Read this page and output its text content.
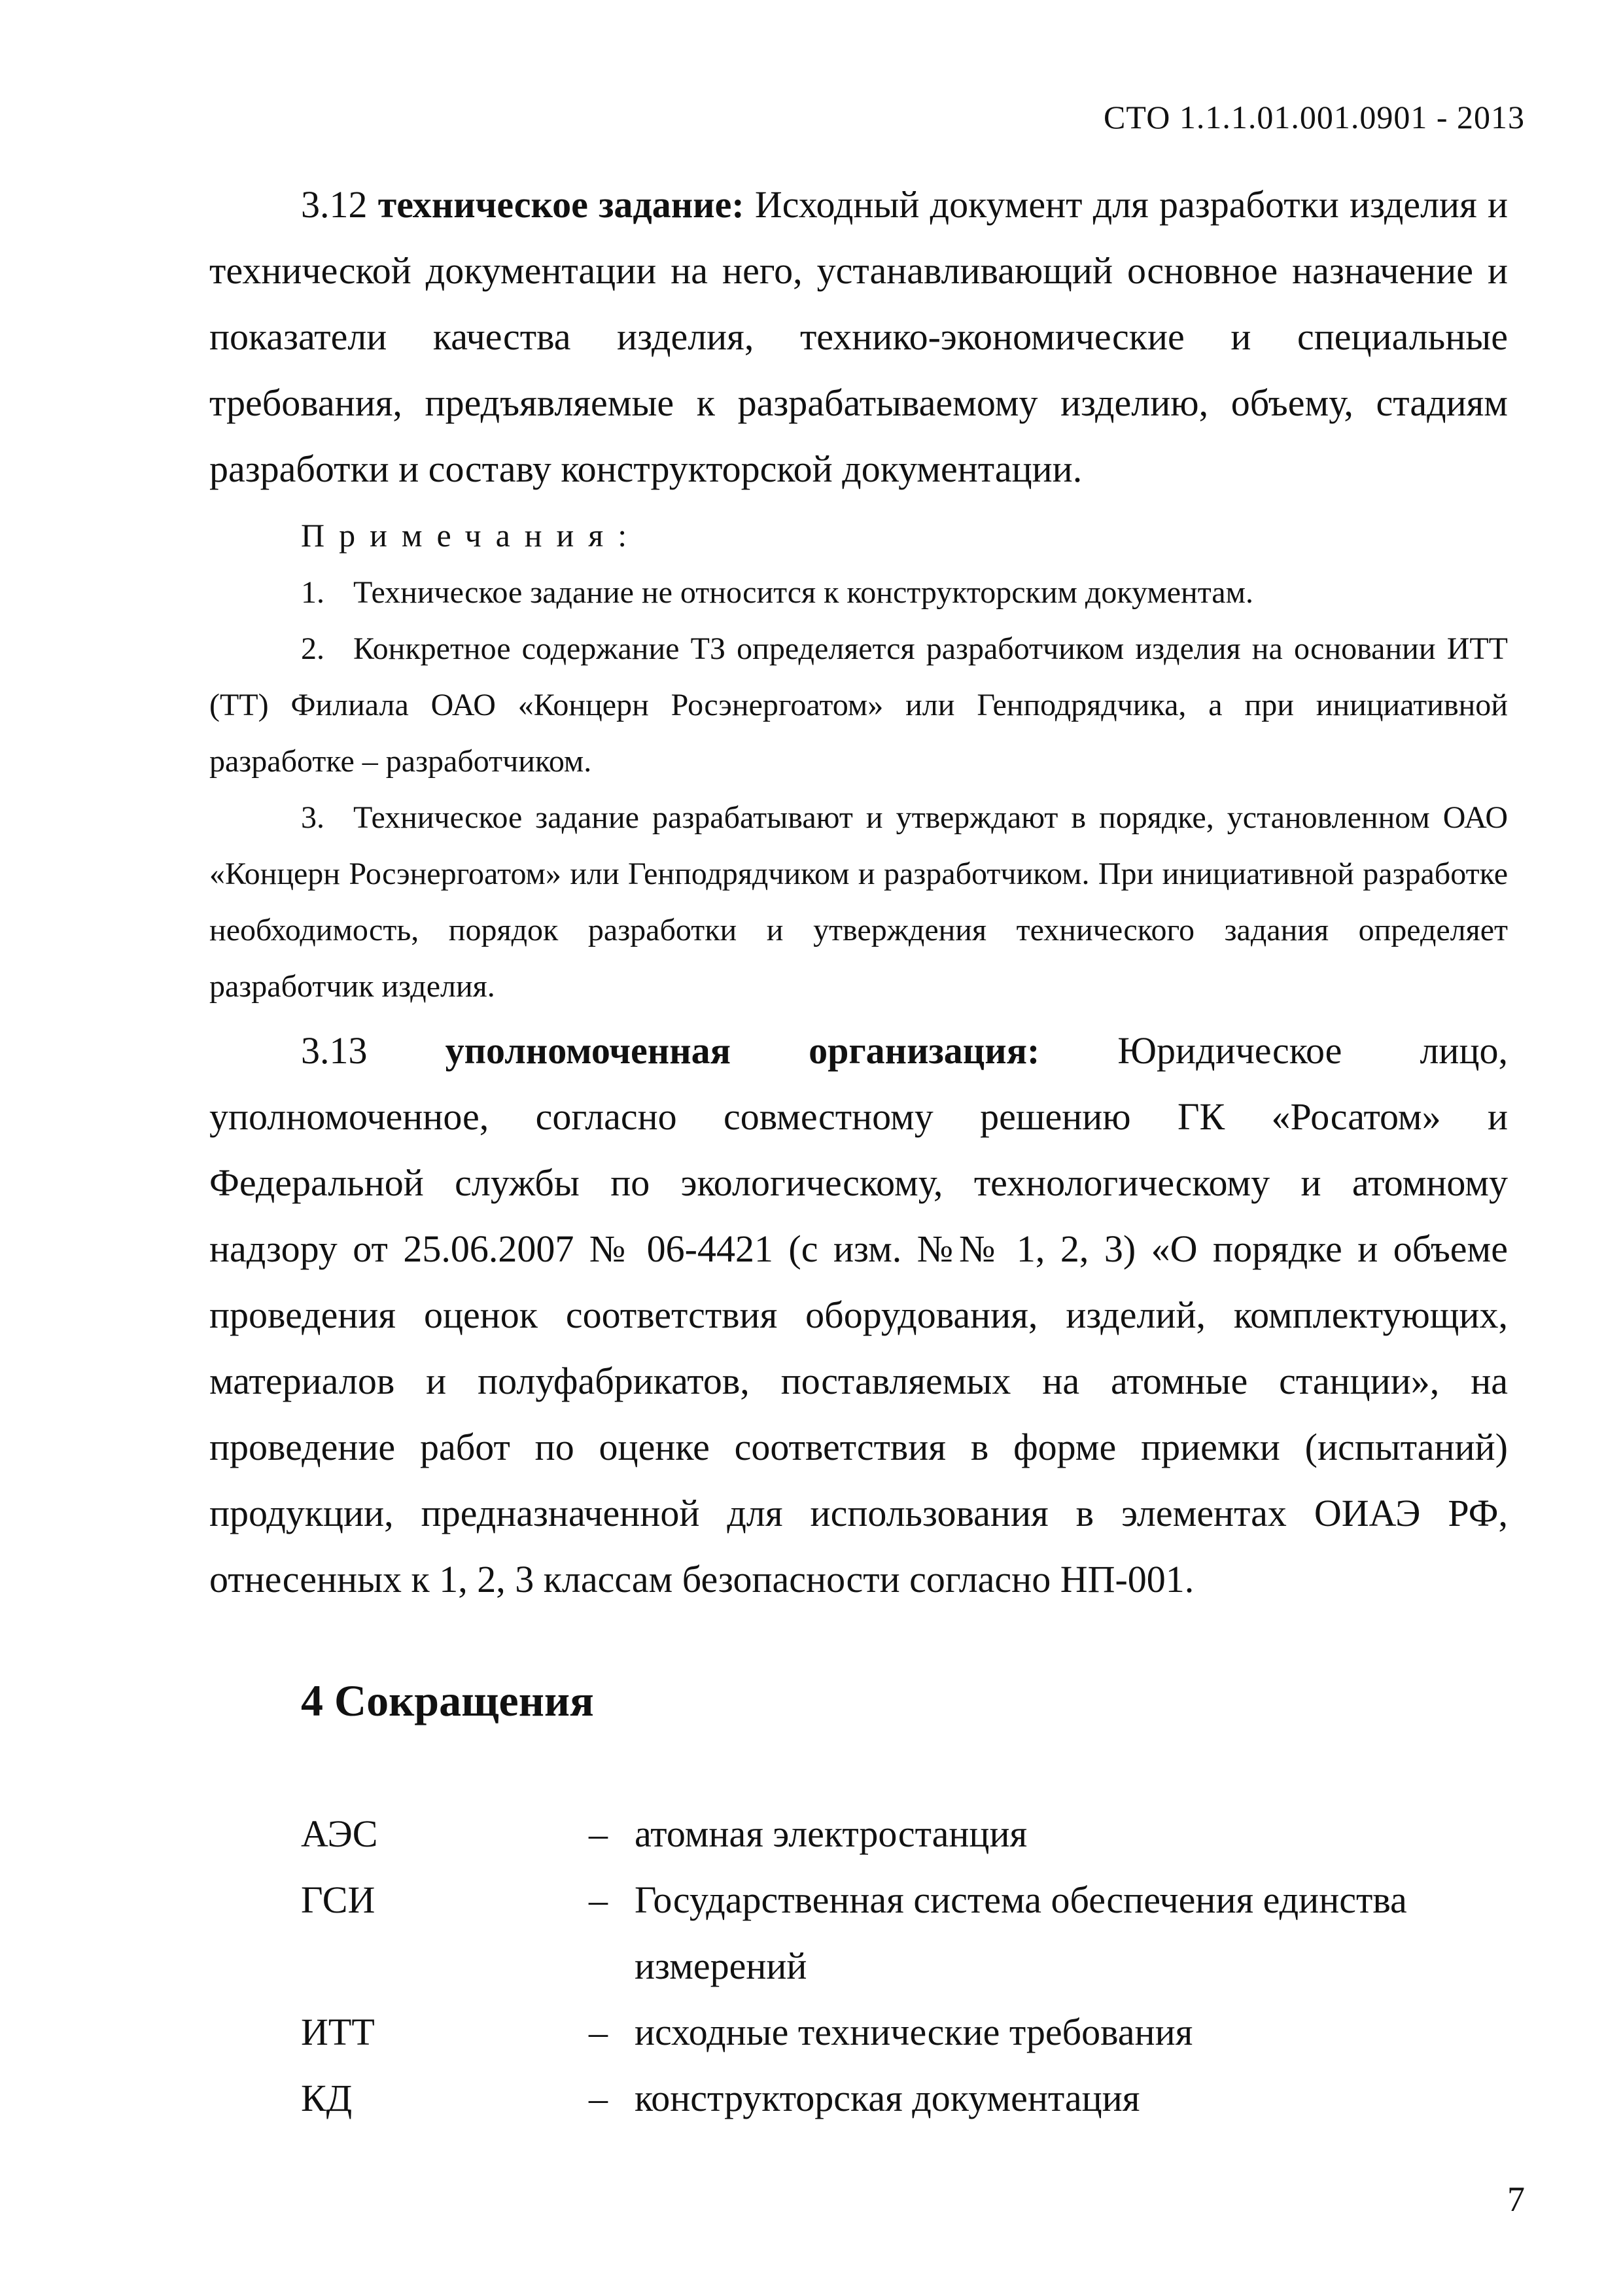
СТО 1.1.1.01.001.0901 - 2013

3.12 техническое задание: Исходный документ для разработки изделия и технической документации на него, устанавливающий основное назначение и показатели качества изделия, технико-экономические и специальные требования, предъявляемые к разрабатываемому изделию, объему, стадиям разработки и составу конструкторской документации.

Примечания:

1. Техническое задание не относится к конструкторским документам.

2. Конкретное содержание ТЗ определяется разработчиком изделия на основании ИТТ (ТТ) Филиала ОАО «Концерн Росэнергоатом» или Генподрядчика, а при инициативной разработке – разработчиком.

3. Техническое задание разрабатывают и утверждают в порядке, установленном ОАО «Концерн Росэнергоатом» или Генподрядчиком и разработчиком. При инициативной разработке необходимость, порядок разработки и утверждения технического задания определяет разработчик изделия.

3.13 уполномоченная организация: Юридическое лицо, уполномоченное, согласно совместному решению ГК «Росатом» и Федеральной службы по экологическому, технологическому и атомному надзору от 25.06.2007 № 06-4421 (с изм. №№ 1, 2, 3) «О порядке и объеме проведения оценок соответствия оборудования, изделий, комплектующих, материалов и полуфабрикатов, поставляемых на атомные станции», на проведение работ по оценке соответствия в форме приемки (испытаний) продукции, предназначенной для использования в элементах ОИАЭ РФ, отнесенных к 1, 2, 3 классам безопасности согласно НП-001.

4 Сокращения
АЭС	– атомная электростанция
ГСИ	– Государственная система обеспечения единства измерений
ИТТ	– исходные технические требования
КД	– конструкторская документация
7
